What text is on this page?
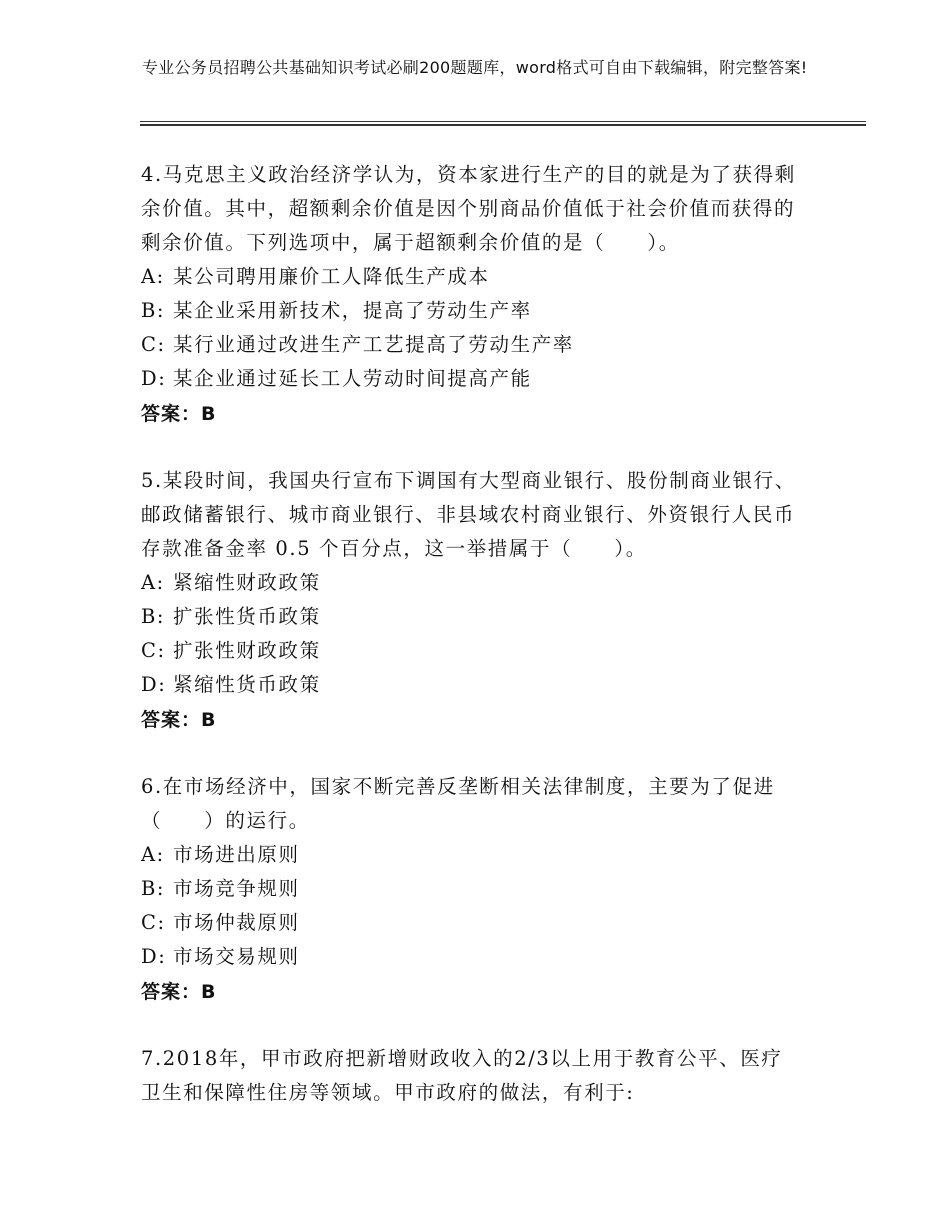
专业公务员招聘公共基础知识考试必刷200题题库，word格式可自由下载编辑，附完整答案!

4.马克思主义政治经济学认为，资本家进行生产的目的就是为了获得剩余价值。其中，超额剩余价值是因个别商品价值低于社会价值而获得的剩余价值。下列选项中，属于超额剩余价值的是（　　）。

A: 某公司聘用廉价工人降低生产成本
B: 某企业采用新技术，提高了劳动生产率
C: 某行业通过改进生产工艺提高了劳动生产率
D: 某企业通过延长工人劳动时间提高产能
答案：B

5.某段时间，我国央行宣布下调国有大型商业银行、股份制商业银行、邮政储蓄银行、城市商业银行、非县域农村商业银行、外资银行人民币存款准备金率 0.5 个百分点，这一举措属于（　　）。

A: 紧缩性财政政策
B: 扩张性货币政策
C: 扩张性财政政策
D: 紧缩性货币政策
答案：B

6.在市场经济中，国家不断完善反垄断相关法律制度，主要为了促进（　　）的运行。

A: 市场进出原则
B: 市场竞争规则
C: 市场仲裁原则
D: 市场交易规则
答案：B

7.2018年，甲市政府把新增财政收入的2/3以上用于教育公平、医疗卫生和保障性住房等领域。甲市政府的做法，有利于:
